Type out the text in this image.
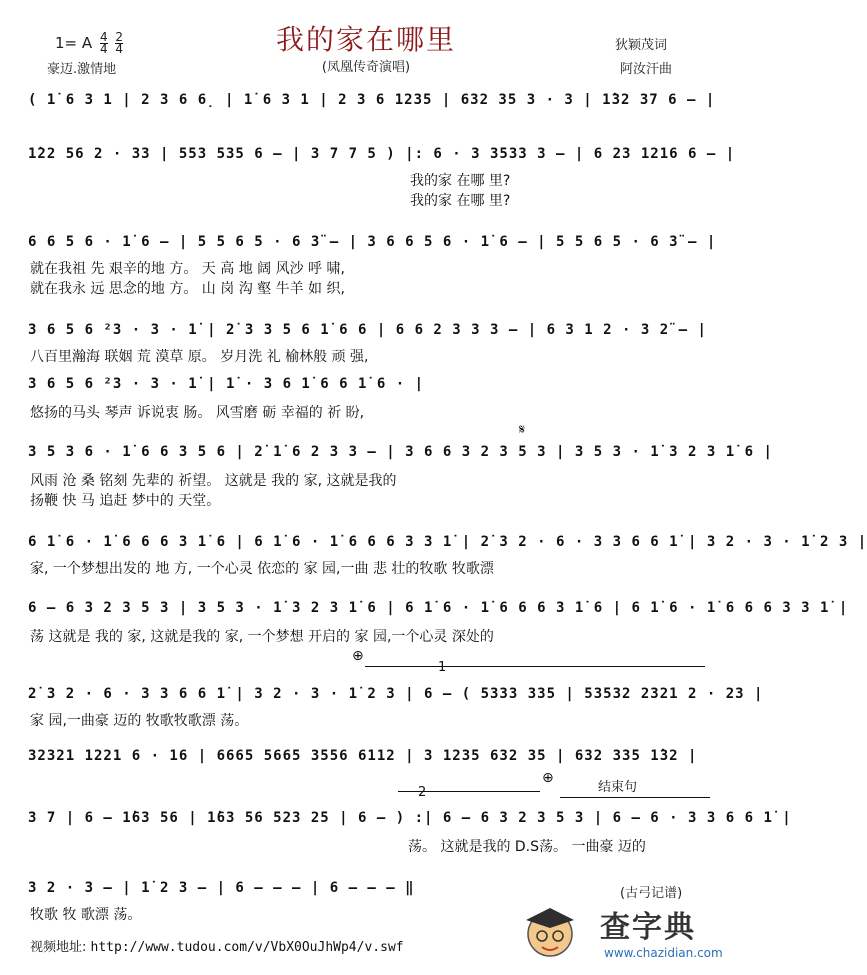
我的家在哪里
1= A $\frac{4}{4}$
$\frac{2}{4}$
豪迈.激情地	(凤凰传奇演唱)
狄颖茂词
阿汝汗曲
( 1̇ 6 3 1 | 2 3 6 6̣ | 1̇ 6 3 1 | 2 3 6 1235 | 632 35 3 · 3 | 1̇32 37 6 – |
1̇22 56 2 · 33 | 553 535 6 – | 3 7 7 5 ) |: 6 · 3 3533 3 – | 6 23 1216 6 – |
我的家 在哪 里?
我的家 在哪 里?
6 6 5 6 · 1̇ 6 – | 5 5 6 5 · 6 3̈ – | 3 6 6 5 6 · 1̇ 6 – | 5 5 6 5 · 6 3̈ – |
就在我祖 先 艰辛的地 方。 天 高 地 阔 风沙 呼 啸,
就在我永 远 思念的地 方。 山 岗 沟 壑 牛羊 如 织,
3 6 5 6 ²3 · 3 · 1̇ | 2̇ 3 3 5 6 1̇ 6 6 | 6 6 2 3 3 3 – | 6 3 1 2 · 3 2̈ – |
八百里瀚海 联姻 荒 漠草 原。 岁月洗 礼 榆林般 顽 强,
3 6 5 6 ²3 · 3 · 1̇ | 1̇ · 3 6 1̇ 6 6 1̇ 6 · |
悠扬的马头 琴声 诉说衷 肠。 风雪磨 砺 幸福的 祈 盼,
𝄋
3 5 3 6 · 1̇ 6 6 3 5 6 | 2̇ 1̇ 6 2 3 3 – | 3 6 6 3 2 3 5 3 | 3 5 3 · 1̇ 3 2 3 1̇ 6 |
风雨 沧 桑 铭刻 先辈的 祈望。 这就是 我的 家, 这就是我的
扬鞭 快 马 追赶 梦中的 天堂。
6 1̇ 6 · 1̇ 6 6 6 3 1̇ 6 | 6 1̇ 6 · 1̇ 6 6 6 3 3 1̇ | 2̇ 3 2 · 6 · 3 3 6 6 1̇ | 3 2 · 3 · 1̇ 2 3 |
家, 一个梦想出发的 地 方, 一个心灵 依恋的 家 园,一曲 悲 壮的牧歌 牧歌漂
6 – 6 3 2 3 5 3 | 3 5 3 · 1̇ 3 2 3 1̇ 6 | 6 1̇ 6 · 1̇ 6 6 6 3 1̇ 6 | 6 1̇ 6 · 1̇ 6 6 6 3 3 1̇ |
荡 这就是 我的 家, 这就是我的 家, 一个梦想 开启的 家 园,一个心灵 深处的
⊕
1
2̇ 3 2 · 6 · 3 3 6 6 1̇ | 3 2 · 3 · 1̇ 2 3 | 6 – ( 5333 335 | 53532 2321 2 · 23 |
家 园,一曲豪 迈的 牧歌牧歌漂 荡。
32321 1221 6 · 16 | 6665 5665 3556 6112 | 3 1235 632 35 | 632 335 1̇32 |
⊕
结束句
2
3 7 | 6 – 1̇63 56 | 1̇63 56 523 25 | 6 – ) :| 6 – 6 3 2 3 5 3 | 6 – 6 · 3 3 6 6 1̇ |
荡。 这就是我的 D.S荡。 一曲豪 迈的
3 2 · 3 – | 1̇ 2 3 – | 6 – – – | 6 – – – ‖
牧歌 牧 歌漂 荡。
(古弓记谱)
视频地址: http://www.tudou.com/v/VbX0OuJhWp4/v.swf
查字典
www.chazidian.com
